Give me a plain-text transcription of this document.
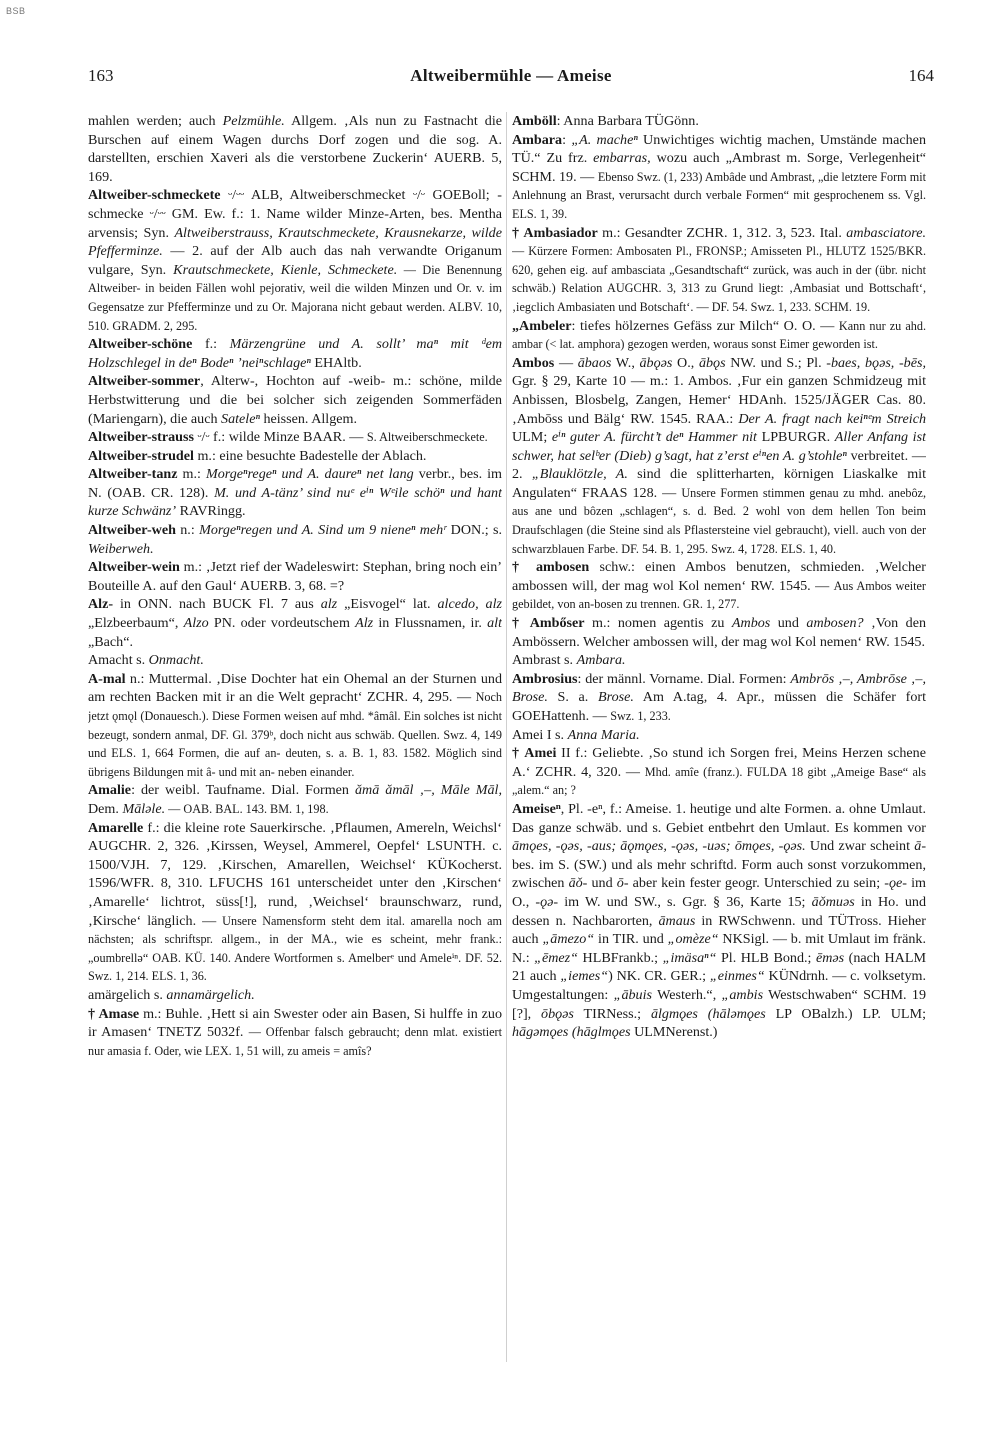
BSB
163	Altweibermühle — Ameise	164

mahlen werden; auch Pelzmühle. Allgem. ‚Als nun zu Fastnacht die Burschen auf einem Wagen durchs Dorf zogen und die sog. A. darstellten, erschien Xaveri als die verstorbene Zuckerin‘ AUERB. 5, 169.

Altweiber-schmeckete ᵕ/ᵕᵕ ALB, Altweiberschmecket ᵕ/ᵕ GOEBoll; -schmecke ᵕ/ᵕᵕ GM. Ew. f.: 1. Name wilder Minze-Arten, bes. Mentha arvensis; Syn. Altweiberstrauss, Krautschmeckete, Krausnekarze, wilde Pfefferminze. — 2. auf der Alb auch das nah verwandte Origanum vulgare, Syn. Krautschmeckete, Kienle, Schmeckete. — Die Benennung Altweiber- in beiden Fällen wohl pejorativ, weil die wilden Minzen und Or. v. im Gegensatze zur Pfefferminze und zu Or. Majorana nicht gebaut werden. ALBV. 10, 510. GRADM. 2, 295.

Altweiber-schöne f.: Märzengrüne und A. sollt’ maⁿ mit ᵈem Holzschlegel in deⁿ Bodeⁿ ’neiⁿschlageⁿ EHAltb.

Altweiber-sommer, Alterw-, Hochton auf -weib- m.: schöne, milde Herbstwitterung und die bei solcher sich zeigenden Sommerfäden (Mariengarn), die auch Sateleⁿ heissen. Allgem.

Altweiber-strauss ᵕ/ᵕ f.: wilde Minze BAAR. — S. Altweiberschmeckete.

Altweiber-strudel m.: eine besuchte Badestelle der Ablach.

Altweiber-tanz m.: Morgeⁿregeⁿ und A. daureⁿ net lang verbr., bes. im N. (OAB. CR. 128). M. und A-tänz’ sind nuᵉ eⁱⁿ Wᵉile schöⁿ und hant kurze Schwänz’ RAVRingg.

Altweiber-weh n.: Morgeⁿregen und A. Sind um 9 nieneⁿ mehʳ DON.; s. Weiberweh.

Altweiber-wein m.: ‚Jetzt rief der Wadeleswirt: Stephan, bring noch ein’ Bouteille A. auf den Gaul‘ AUERB. 3, 68. =?

Alz- in ONN. nach BUCK Fl. 7 aus alz „Eisvogel“ lat. alcedo, alz „Elzbeerbaum“, Alzo PN. oder vordeutschem Alz in Flussnamen, ir. alt „Bach“.

Amacht s. Onmacht.

A-mal n.: Muttermal. ‚Dise Dochter hat ein Ohemal an der Sturnen und am rechten Backen mit ir an die Welt gepracht‘ ZCHR. 4, 295. — Noch jetzt ǫmǫl (Donauesch.). Diese Formen weisen auf mhd. *âmâl. Ein solches ist nicht bezeugt, sondern anmal, DF. Gl. 379ᵇ, doch nicht aus schwäb. Quellen. Swz. 4, 149 und ELS. 1, 664 Formen, die auf an- deuten, s. a. B. 1, 83. 1582. Möglich sind übrigens Bildungen mit â- und mit an- neben einander.

Amalie: der weibl. Taufname. Dial. Formen ămā ămāl ‚–, Māle Māl, Dem. Mālǝle. — OAB. BAL. 143. BM. 1, 198.

Amarelle f.: die kleine rote Sauerkirsche. ‚Pflaumen, Amereln, Weichsl‘ AUGCHR. 2, 326. ‚Kirssen, Weysel, Ammerel, Oepfel‘ LSUNTH. c. 1500/VJH. 7, 129. ‚Kirschen, Amarellen, Weichsel‘ KÜKocherst. 1596/WFR. 8, 310. LFUCHS 161 unterscheidet unter den ‚Kirschen‘ ‚Amarelle‘ lichtrot, süss[!], rund, ‚Weichsel‘ braunschwarz, rund, ‚Kirsche‘ länglich. — Unsere Namensform steht dem ital. amarella noch am nächsten; als schriftspr. allgem., in der MA., wie es scheint, mehr frank.: „oumbrellǝ“ OAB. KÜ. 140. Andere Wortformen s. Amelberᵉ und Ameleⁱⁿ. DF. 52. Swz. 1, 214. ELS. 1, 36.

amärgelich s. annamärgelich.

† Amase m.: Buhle. ‚Hett si ain Swester oder ain Basen, Si hulffe in zuo ir Amasen‘ TNETZ 5032f. — Offenbar falsch gebraucht; denn mlat. existiert nur amasia f. Oder, wie LEX. 1, 51 will, zu ameis = amîs?

Amböll: Anna Barbara TÜGönn.

Ambara: „A. macheⁿ Unwichtiges wichtig machen, Umstände machen TÜ.“ Zu frz. embarras, wozu auch „Ambrast m. Sorge, Verlegenheit“ SCHM. 19. — Ebenso Swz. (1, 233) Ambâde und Ambrast, „die letztere Form mit Anlehnung an Brast, verursacht durch verbale Formen“ mit gesprochenem ss. Vgl. ELS. 1, 39.

† Ambasiador m.: Gesandter ZCHR. 1, 312. 3, 523. Ital. ambasciatore. — Kürzere Formen: Ambosaten Pl., FRONSP.; Amisseten Pl., HLUTZ 1525/BKR. 620, gehen eig. auf ambasciata „Gesandtschaft“ zurück, was auch in der (übr. nicht schwäb.) Relation AUGCHR. 3, 313 zu Grund liegt: ‚Ambasiat und Bottschaft‘, ‚iegclich Ambasiaten und Botschaft‘. — DF. 54. Swz. 1, 233. SCHM. 19.

„Ambeler: tiefes hölzernes Gefäss zur Milch“ O. O. — Kann nur zu ahd. ambar (< lat. amphora) gezogen werden, woraus sonst Eimer geworden ist.

Ambos — ābaos W., ābǫǝs O., ābǫs NW. und S.; Pl. -baes, bǫǝs, -bēs, Ggr. § 29, Karte 10 — m.: 1. Ambos. ‚Fur ein ganzen Schmidzeug mit Anbissen, Blosbelg, Zangen, Hemer‘ HDAnh. 1525/JÄGER Cas. 80. ‚Ambōss und Bälg‘ RW. 1545. RAA.: Der A. fragt nach keiⁿᵉm Streich ULM; eⁱⁿ guter A. fürcht’t deⁿ Hammer nit LPBURGR. Aller Anfang ist schwer, hat selᵇer (Dieb) g’sagt, hat z’erst eⁱⁿen A. g’stohleⁿ verbreitet. — 2. „Blauklötzle, A. sind die splitterharten, körnigen Liaskalke mit Angulaten“ FRAAS 128. — Unsere Formen stimmen genau zu mhd. anebôz, aus ane und bôzen „schlagen“, s. d. Bed. 2 wohl von dem hellen Ton beim Draufschlagen (die Steine sind als Pflastersteine viel gebraucht), viell. auch von der schwarzblauen Farbe. DF. 54. B. 1, 295. Swz. 4, 1728. ELS. 1, 40.

† ambosen schw.: einen Ambos benutzen, schmieden. ‚Welcher ambossen will, der mag wol Kol nemen‘ RW. 1545. — Aus Ambos weiter gebildet, von an-bosen zu trennen. GR. 1, 277.

† Ambőser m.: nomen agentis zu Ambos und ambosen? ‚Von den Ambössern. Welcher ambossen will, der mag wol Kol nemen‘ RW. 1545.

Ambrast s. Ambara.

Ambrosius: der männl. Vorname. Dial. Formen: Ambrōs ‚–, Ambrōse ‚–, Brose. S. a. Brose. Am A.tag, 4. Apr., müssen die Schäfer fort GOEHattenh. — Swz. 1, 233.

Amei I s. Anna Maria.

† Amei II f.: Geliebte. ‚So stund ich Sorgen frei, Meins Herzen schene A.‘ ZCHR. 4, 320. — Mhd. amîe (franz.). FULDA 18 gibt „Ameige Base“ als „alem.“ an; ?

Ameiseⁿ, Pl. -eⁿ, f.: Ameise. 1. heutige und alte Formen. a. ohne Umlaut. Das ganze schwäb. und s. Gebiet entbehrt den Umlaut. Es kommen vor āmǫes, -ǫǝs, -aus; āǫmǫes, -ǫǝs, -uǝs; ōmǫes, -ǫǝs. Und zwar scheint ā- bes. im S. (SW.) und als mehr schriftd. Form auch sonst vorzukommen, zwischen āǒ- und ō- aber kein fester geogr. Unterschied zu sein; -ǫe- im O., -ǫǝ- im W. und SW., s. Ggr. § 36, Karte 15; āǒmuǝs in Ho. und dessen n. Nachbarorten, āmaus in RWSchwenn. und TÜTross. Hieher auch „āmezo“ in TIR. und „omèze“ NKSigl. — b. mit Umlaut im fränk. N.: „ēmez“ HLBFrankb.; „imäsaⁿ“ Pl. HLB Bond.; ēmǝs (nach HALM 21 auch „iemes“) NK. CR. GER.; „einmes“ KÜNdrnh. — c. volksetym. Umgestaltungen: „ābuis Westerh.“, „ambis Westschwaben“ SCHM. 19 [?], ōbǫǝs TIRNess.; ālgmǫes (hālǝmǫes LP OBalzh.) LP. ULM; hāgǝmǫes (hāglmǫes ULMNerenst.)
